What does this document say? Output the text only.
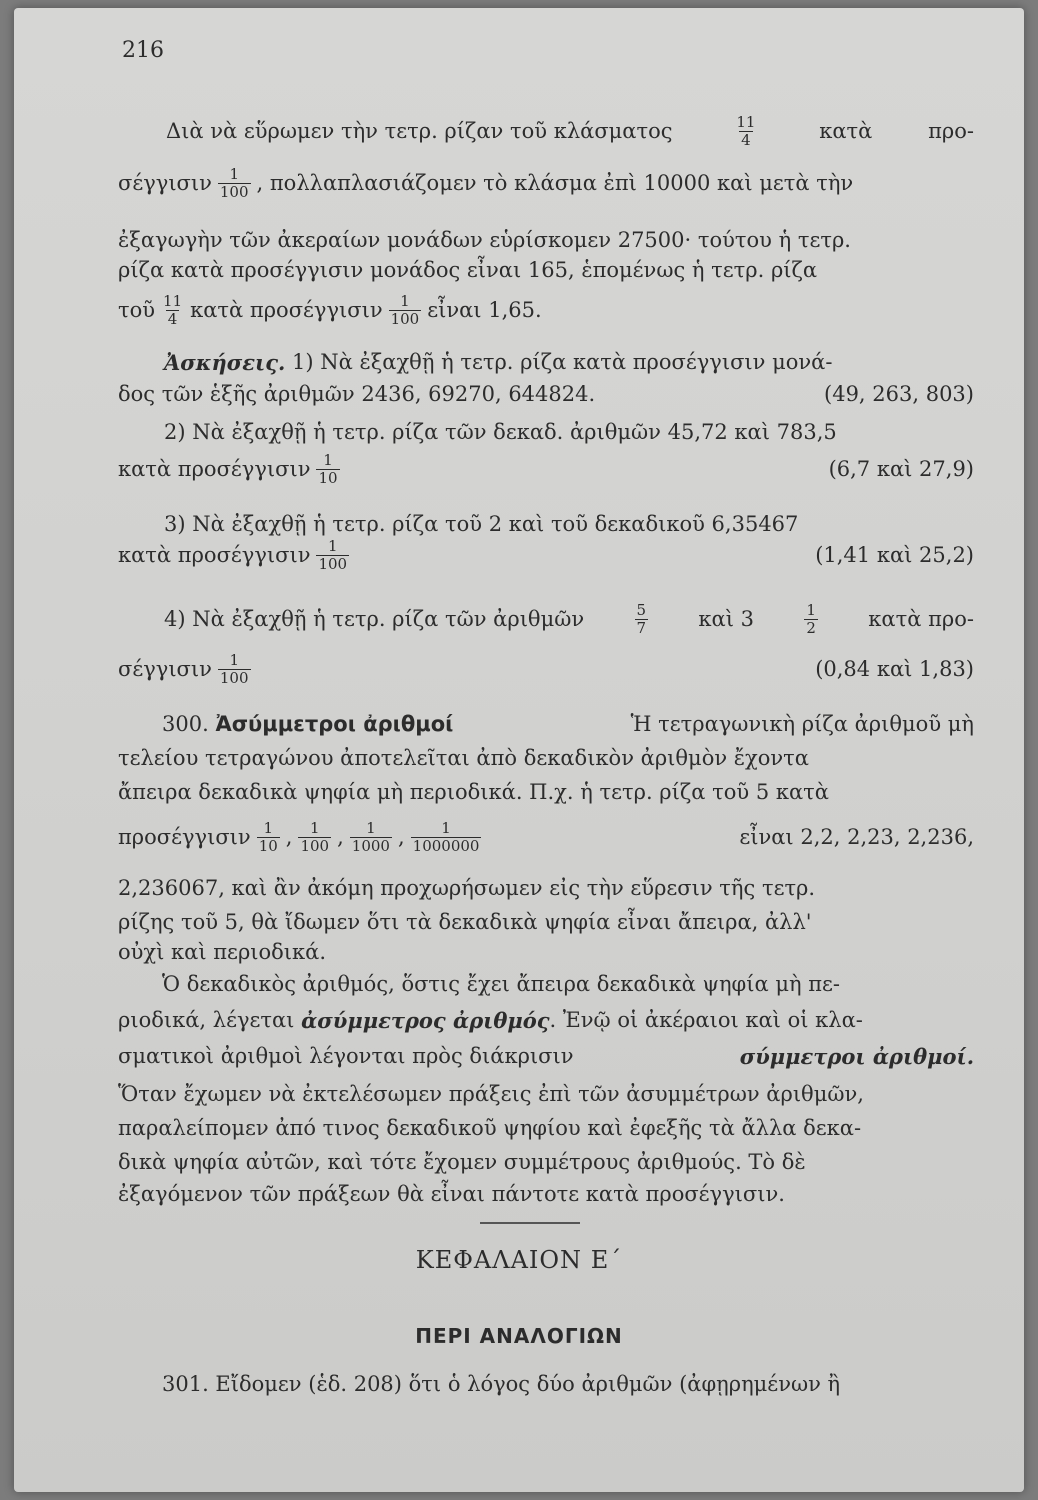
216
Διὰ νὰ εὕρωμεν τὴν τετρ. ρίζαν τοῦ κλάσματος	$\frac{11}{4}$	κατὰ	προ-
σέγγισιν $\frac{1}{100}$ , πολλαπλασιάζομεν τὸ κλάσμα ἐπὶ 10000 καὶ μετὰ τὴν
ἐξαγωγὴν τῶν ἀκεραίων μονάδων εὑρίσκομεν 27500· τούτου ἡ τετρ.
ρίζα κατὰ προσέγγισιν μονάδος εἶναι 165, ἑπομένως ἡ τετρ. ρίζα
τοῦ $\frac{11}{4}$ κατὰ προσέγγισιν $\frac{1}{100}$ εἶναι 1,65.
Ἀσκήσεις.
1) Νὰ ἐξαχθῇ ἡ τετρ. ρίζα κατὰ προσέγγισιν μονά-
δος τῶν ἑξῆς ἀριθμῶν 2436, 69270, 644824.	(49, 263, 803)
2) Νὰ ἐξαχθῇ ἡ τετρ. ρίζα τῶν δεκαδ. ἀριθμῶν 45,72 καὶ 783,5
κατὰ προσέγγισιν $\frac{1}{10}$	(6,7 καὶ 27,9)
3) Νὰ ἐξαχθῇ ἡ τετρ. ρίζα τοῦ 2 καὶ τοῦ δεκαδικοῦ 6,35467
κατὰ προσέγγισιν $\frac{1}{100}$	(1,41 καὶ 25,2)
4) Νὰ ἐξαχθῇ ἡ τετρ. ρίζα τῶν ἀριθμῶν	$\frac{5}{7}$ καὶ 3	$\frac{1}{2}$ κατὰ προ-
σέγγισιν $\frac{1}{100}$	(0,84 καὶ 1,83)
300. Ἀσύμμετροι ἀριθμοί	Ἡ τετραγωνικὴ ρίζα ἀριθμοῦ μὴ
τελείου τετραγώνου ἀποτελεῖται ἀπὸ δεκαδικὸν ἀριθμὸν ἔχοντα
ἄπειρα δεκαδικὰ ψηφία μὴ περιοδικά. Π.χ. ἡ τετρ. ρίζα τοῦ 5 κατὰ
προσέγγισιν $\frac{1}{10}$ , $\frac{1}{100}$ , $\frac{1}{1000}$ , $\frac{1}{1000000}$	εἶναι 2,2, 2,23, 2,236,
2,236067, καὶ ἂν ἀκόμη προχωρήσωμεν εἰς τὴν εὕρεσιν τῆς τετρ.
ρίζης τοῦ 5, θὰ ἴδωμεν ὅτι τὰ δεκαδικὰ ψηφία εἶναι ἄπειρα, ἀλλ'
οὐχὶ καὶ περιοδικά.
Ὁ δεκαδικὸς ἀριθμός, ὅστις ἔχει ἄπειρα δεκαδικὰ ψηφία μὴ πε-
ριοδικά, λέγεται
ἀσύμμετρος ἀριθμός . Ἐνῷ οἱ ἀκέραιοι καὶ οἱ κλα-
σματικοὶ ἀριθμοὶ λέγονται πρὸς διάκρισιν	σύμμετροι ἀριθμοί.
Ὅταν ἔχωμεν νὰ ἐκτελέσωμεν πράξεις ἐπὶ τῶν ἀσυμμέτρων ἀριθμῶν,
παραλείπομεν ἀπό τινος δεκαδικοῦ ψηφίου καὶ ἐφεξῆς τὰ ἄλλα δεκα-
δικὰ ψηφία αὐτῶν, καὶ τότε ἔχομεν συμμέτρους ἀριθμούς. Τὸ δὲ
ἐξαγόμενον τῶν πράξεων θὰ εἶναι πάντοτε κατὰ προσέγγισιν.
ΚΕΦΑΛΑΙΟΝ Ε΄
ΠΕΡΙ ΑΝΑΛΟΓΙΩΝ
301. Εἴδομεν (ἑδ. 208) ὅτι ὁ λόγος δύο ἀριθμῶν (ἀφῃρημένων ἢ
